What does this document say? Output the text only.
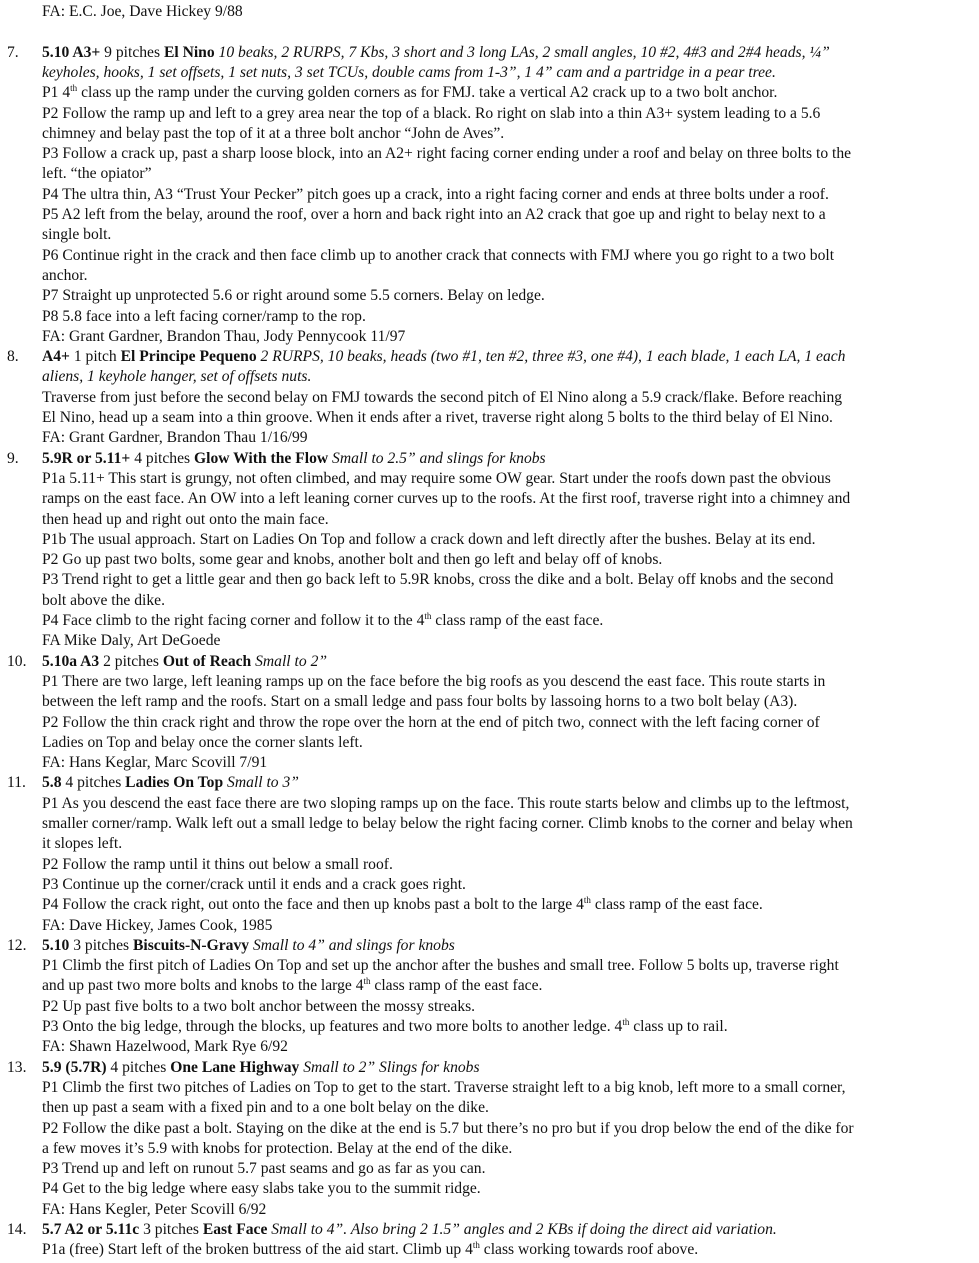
FA: E.C. Joe, Dave Hickey 9/88
7. 5.10 A3+ 9 pitches El Nino 10 beaks, 2 RURPS, 7 Kbs, 3 short and 3 long LAs, 2 small angles, 10 #2, 4#3 and 2#4 heads, ¼”
keyholes, hooks, 1 set offsets, 1 set nuts, 3 set TCUs, double cams from 1-3”, 1 4” cam and a partridge in a pear tree.
P1 4th class up the ramp under the curving golden corners as for FMJ. take a vertical A2 crack up to a two bolt anchor.
P2 Follow the ramp up and left to a grey area near the top of a black. Ro right on slab into a thin A3+ system leading to a 5.6
chimney and belay past the top of it at a three bolt anchor “John de Aves”.
P3 Follow a crack up, past a sharp loose block, into an A2+ right facing corner ending under a roof and belay on three bolts to the
left. “the opiator”
P4 The ultra thin, A3 “Trust Your Pecker” pitch goes up a crack, into a right facing corner and ends at three bolts under a roof.
P5 A2 left from the belay, around the roof, over a horn and back right into an A2 crack that goe up and right to belay next to a
single bolt.
P6 Continue right in the crack and then face climb up to another crack that connects with FMJ where you go right to a two bolt
anchor.
P7 Straight up unprotected 5.6 or right around some 5.5 corners. Belay on ledge.
P8 5.8 face into a left facing corner/ramp to the rop.
FA: Grant Gardner, Brandon Thau, Jody Pennycook 11/97
8. A4+ 1 pitch El Principe Pequeno 2 RURPS, 10 beaks, heads (two #1, ten #2, three #3, one #4), 1 each blade, 1 each LA, 1 each
aliens, 1 keyhole hanger, set of offsets nuts.
Traverse from just before the second belay on FMJ towards the second pitch of El Nino along a 5.9 crack/flake. Before reaching
El Nino, head up a seam into a thin groove. When it ends after a rivet, traverse right along 5 bolts to the third belay of El Nino.
FA: Grant Gardner, Brandon Thau 1/16/99
9. 5.9R or 5.11+ 4 pitches Glow With the Flow Small to 2.5” and slings for knobs
P1a 5.11+ This start is grungy, not often climbed, and may require some OW gear. Start under the roofs down past the obvious
ramps on the east face. An OW into a left leaning corner curves up to the roofs. At the first roof, traverse right into a chimney and
then head up and right out onto the main face.
P1b The usual approach. Start on Ladies On Top and follow a crack down and left directly after the bushes. Belay at its end.
P2 Go up past two bolts, some gear and knobs, another bolt and then go left and belay off of knobs.
P3 Trend right to get a little gear and then go back left to 5.9R knobs, cross the dike and a bolt. Belay off knobs and the second
bolt above the dike.
P4 Face climb to the right facing corner and follow it to the 4th class ramp of the east face.
FA Mike Daly, Art DeGoede
10. 5.10a A3 2 pitches Out of Reach Small to 2”
P1 There are two large, left leaning ramps up on the face before the big roofs as you descend the east face. This route starts in
between the left ramp and the roofs. Start on a small ledge and pass four bolts by lassoing horns to a two bolt belay (A3).
P2 Follow the thin crack right and throw the rope over the horn at the end of pitch two, connect with the left facing corner of
Ladies on Top and belay once the corner slants left.
FA: Hans Keglar, Marc Scovill 7/91
11. 5.8 4 pitches Ladies On Top Small to 3”
P1 As you descend the east face there are two sloping ramps up on the face. This route starts below and climbs up to the leftmost,
smaller corner/ramp. Walk left out a small ledge to belay below the right facing corner. Climb knobs to the corner and belay when
it slopes left.
P2 Follow the ramp until it thins out below a small roof.
P3 Continue up the corner/crack until it ends and a crack goes right.
P4 Follow the crack right, out onto the face and then up knobs past a bolt to the large 4th class ramp of the east face.
FA: Dave Hickey, James Cook, 1985
12. 5.10 3 pitches Biscuits-N-Gravy Small to 4” and slings for knobs
P1 Climb the first pitch of Ladies On Top and set up the anchor after the bushes and small tree. Follow 5 bolts up, traverse right
and up past two more bolts and knobs to the large 4th class ramp of the east face.
P2 Up past five bolts to a two bolt anchor between the mossy streaks.
P3 Onto the big ledge, through the blocks, up features and two more bolts to another ledge. 4th class up to rail.
FA: Shawn Hazelwood, Mark Rye 6/92
13. 5.9 (5.7R) 4 pitches One Lane Highway Small to 2” Slings for knobs
P1 Climb the first two pitches of Ladies on Top to get to the start. Traverse straight left to a big knob, left more to a small corner,
then up past a seam with a fixed pin and to a one bolt belay on the dike.
P2 Follow the dike past a bolt. Staying on the dike at the end is 5.7 but there’s no pro but if you drop below the end of the dike for
a few moves it’s 5.9 with knobs for protection. Belay at the end of the dike.
P3 Trend up and left on runout 5.7 past seams and go as far as you can.
P4 Get to the big ledge where easy slabs take you to the summit ridge.
FA: Hans Kegler, Peter Scovill 6/92
14. 5.7 A2 or 5.11c 3 pitches East Face Small to 4”. Also bring 2 1.5” angles and 2 KBs if doing the direct aid variation.
P1a (free) Start left of the broken buttress of the aid start. Climb up 4th class working towards roof above.
